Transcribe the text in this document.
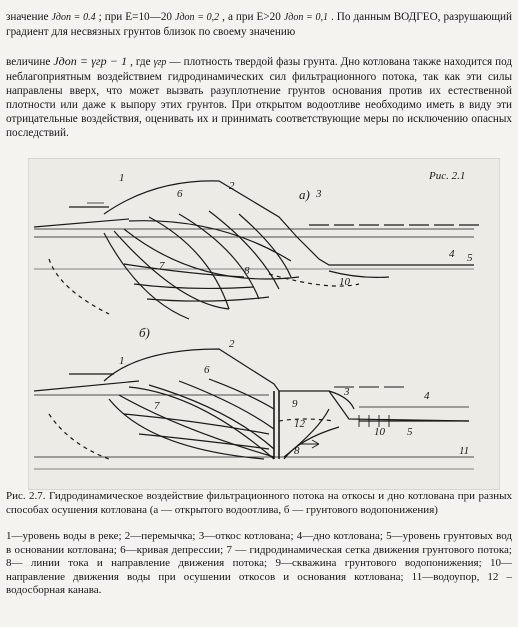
значение Jдоп = 0.4 ; при E=10—20 Jдоп = 0,2 , а при E>20 Jдоп = 0,1 . По данным ВОДГЕО, разрушающий градиент для несвязных грунтов близок по своему значению

величине Jдоп = γгр − 1 , где γгр — плотность твердой фазы грунта. Дно котлована также находится под неблагоприятным воздействием гидродинамических сил фильтрационного потока, так как эти силы направлены вверх, что может вызвать разуплотнение грунтов основания против их естественной плотности или даже к выпору этих грунтов. При открытом водоотливе необходимо иметь в виду эти отрицательные воздействия, оценивать их и принимать соответствующие меры по исключению опасных последствий.

Рис. 2.1
а)
1
2
3
4 5
6
7	8
10
б)
1
2
3	4
5
6
7
8
9
10
11
12

Рис. 2.7. Гидродинамическое воздействие фильтрационного потока на откосы и дно котлована при разных способах осушения котлована (а — открытого водоотлива, б — грунтового водопонижения)

1—уровень воды в реке; 2—перемычка; 3—откос котлована; 4—дно котлована; 5—уровень грунтовых вод в основании котлована; 6—кривая депрессии; 7 — гидродинамическая сетка движения грунтового потока; 8— линии тока и направление движения потока; 9—скважина грунтового водопонижения; 10—направление движения воды при осушении откосов и основания котлована; 11—водоупор, 12 – водосборная канава.
